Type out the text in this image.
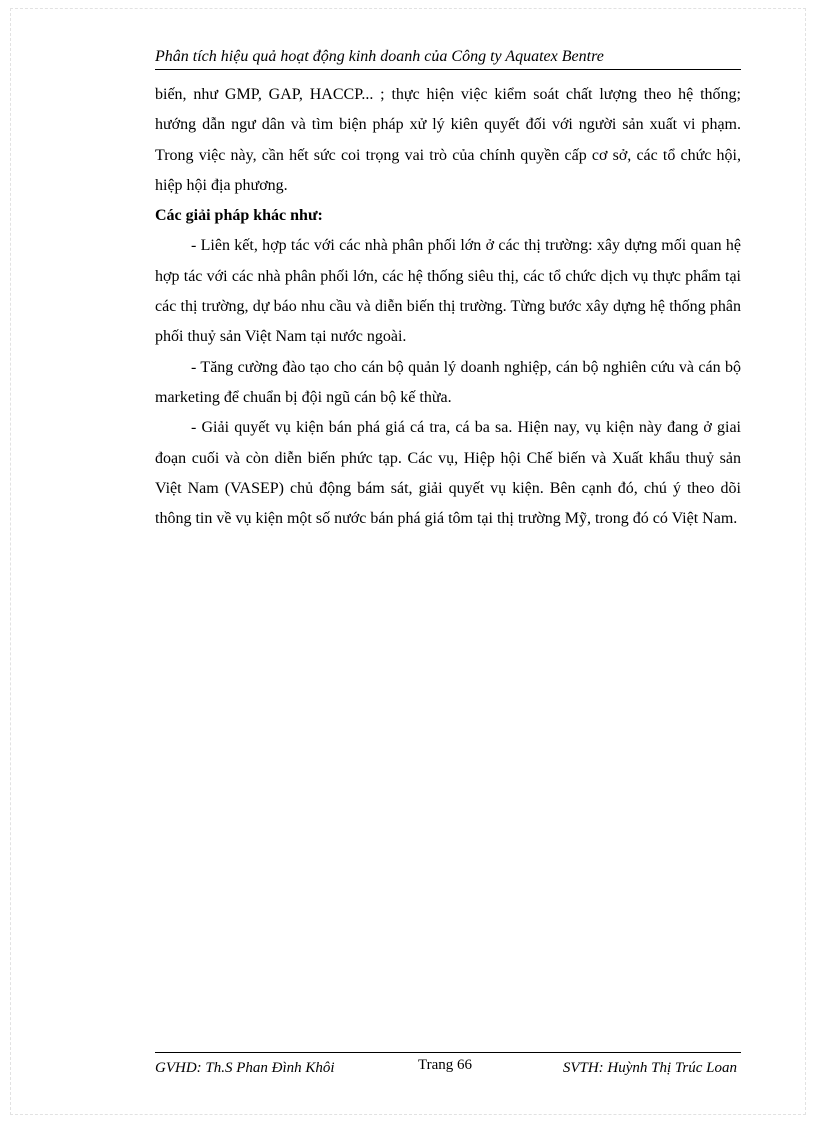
Phân tích hiệu quả hoạt động kinh doanh của Công ty Aquatex Bentre

biến, như GMP, GAP, HACCP... ; thực hiện việc kiểm soát chất lượng theo hệ thống; hướng dẫn ngư dân và tìm biện pháp xử lý kiên quyết đối với người sản xuất vi phạm. Trong việc này, cần hết sức coi trọng vai trò của chính quyền cấp cơ sở, các tổ chức hội, hiệp hội địa phương.

Các giải pháp khác như:

- Liên kết, hợp tác với các nhà phân phối lớn ở các thị trường: xây dựng mối quan hệ hợp tác với các nhà phân phối lớn, các hệ thống siêu thị, các tổ chức dịch vụ thực phẩm tại các thị trường, dự báo nhu cầu và diễn biến thị trường. Từng bước xây dựng hệ thống phân phối thuỷ sản Việt Nam tại nước ngoài.

- Tăng cường đào tạo cho cán bộ quản lý doanh nghiệp, cán bộ nghiên cứu và cán bộ marketing để chuẩn bị đội ngũ cán bộ kế thừa.

- Giải quyết vụ kiện bán phá giá cá tra, cá ba sa. Hiện nay, vụ kiện này đang ở giai đoạn cuối và còn diễn biến phức tạp. Các vụ, Hiệp hội Chế biến và Xuất khẩu thuỷ sản Việt Nam (VASEP) chủ động bám sát, giải quyết vụ kiện. Bên cạnh đó, chú ý theo dõi thông tin về vụ kiện một số nước bán phá giá tôm tại thị trường Mỹ, trong đó có Việt Nam.

GVHD: Th.S Phan Đình Khôi	Trang 66	SVTH: Huỳnh Thị Trúc Loan
